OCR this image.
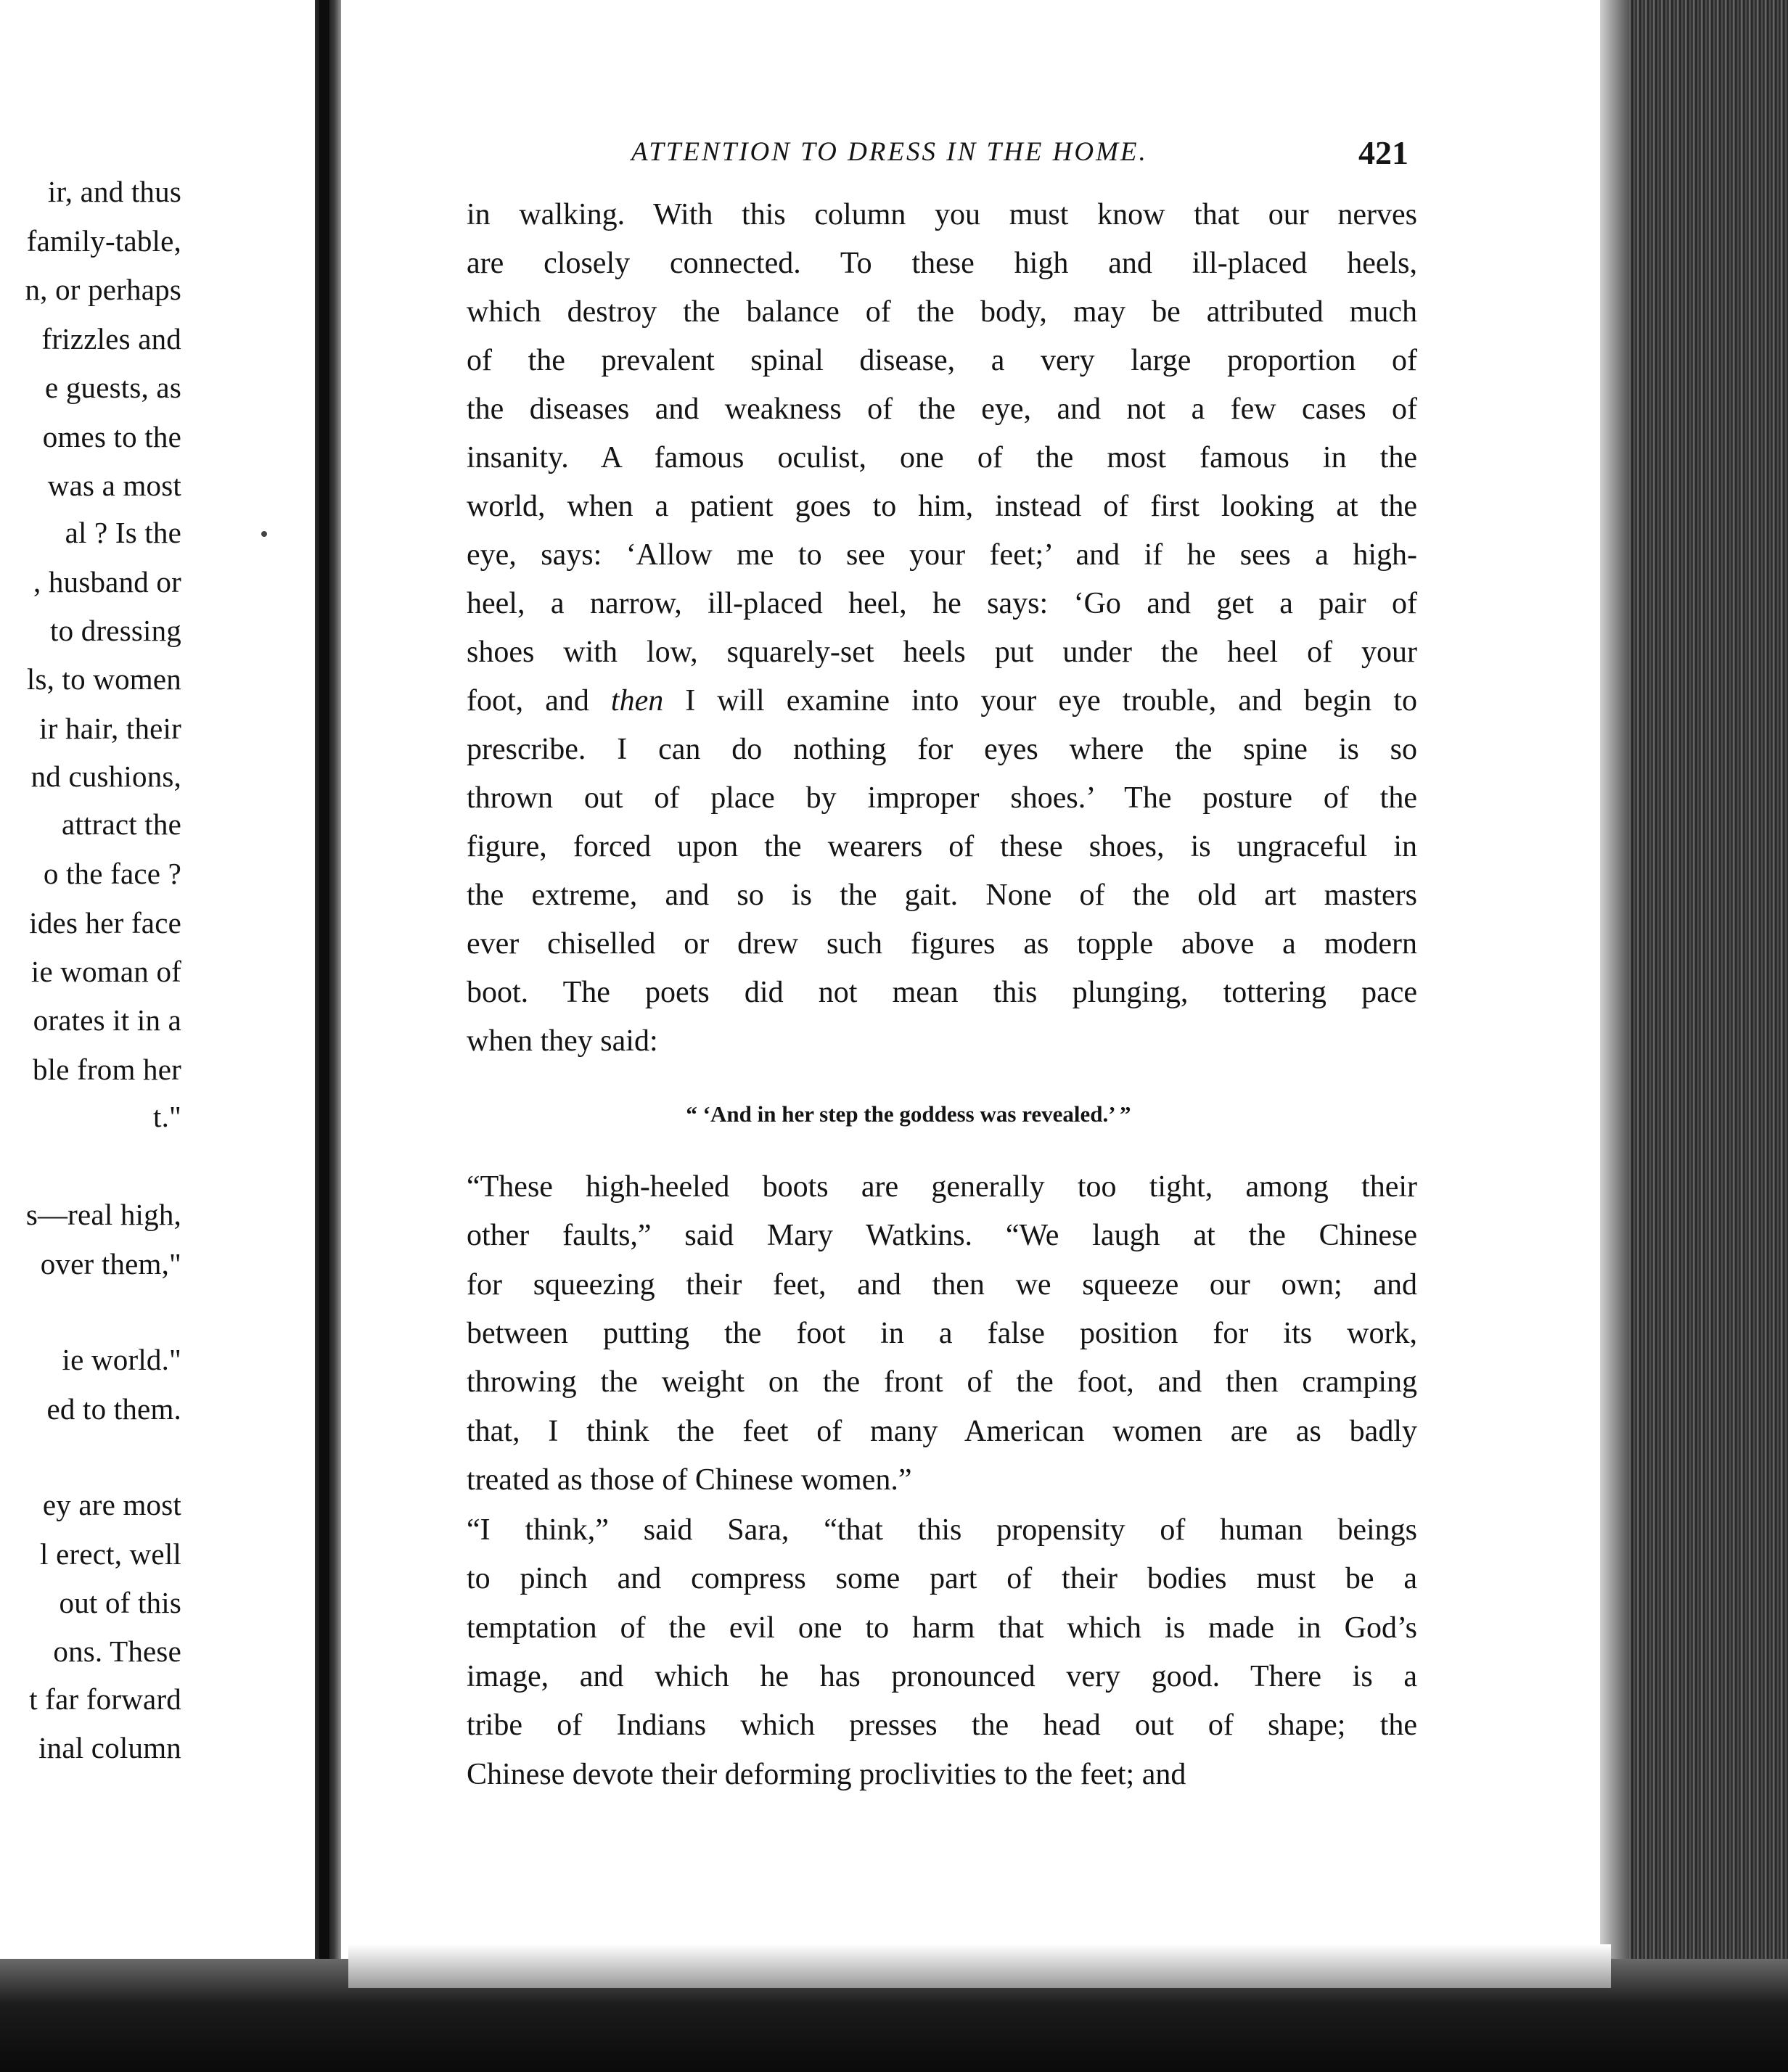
ir, and thus
family-table,
n, or perhaps
frizzles and
e guests, as
omes to the
was a most
al ? Is the
, husband or
to dressing
ls, to women
ir hair, their
nd cushions,
attract the
o the face ?
ides her face
ie woman of
orates it in a
ble from her
t."
s—real high,
over them,"
ie world."
ed to them.
ey are most
l erect, well
out of this
ons. These
t far forward
inal column
ATTENTION TO DRESS IN THE HOME.	421
in walking. With this column you must know that our nerves
are closely connected. To these high and ill-placed heels,
which destroy the balance of the body, may be attributed much
of the prevalent spinal disease, a very large proportion of
the diseases and weakness of the eye, and not a few cases of
insanity. A famous oculist, one of the most famous in the
world, when a patient goes to him, instead of first looking at the
eye, says: ‘Allow me to see your feet;’ and if he sees a high-
heel, a narrow, ill-placed heel, he says: ‘Go and get a pair of
shoes with low, squarely-set heels put under the heel of your
foot, and then I will examine into your eye trouble, and begin to
prescribe. I can do nothing for eyes where the spine is so
thrown out of place by improper shoes.’ The posture of the
figure, forced upon the wearers of these shoes, is ungraceful in
the extreme, and so is the gait. None of the old art masters
ever chiselled or drew such figures as topple above a modern
boot. The poets did not mean this plunging, tottering pace
when they said:
“ ‘And in her step the goddess was revealed.’ ”
“These high-heeled boots are generally too tight, among their
other faults,” said Mary Watkins. “We laugh at the Chinese
for squeezing their feet, and then we squeeze our own; and
between putting the foot in a false position for its work,
throwing the weight on the front of the foot, and then cramping
that, I think the feet of many American women are as badly
treated as those of Chinese women.”
“I think,” said Sara, “that this propensity of human beings
to pinch and compress some part of their bodies must be a
temptation of the evil one to harm that which is made in God’s
image, and which he has pronounced very good. There is a
tribe of Indians which presses the head out of shape; the
Chinese devote their deforming proclivities to the feet; and
